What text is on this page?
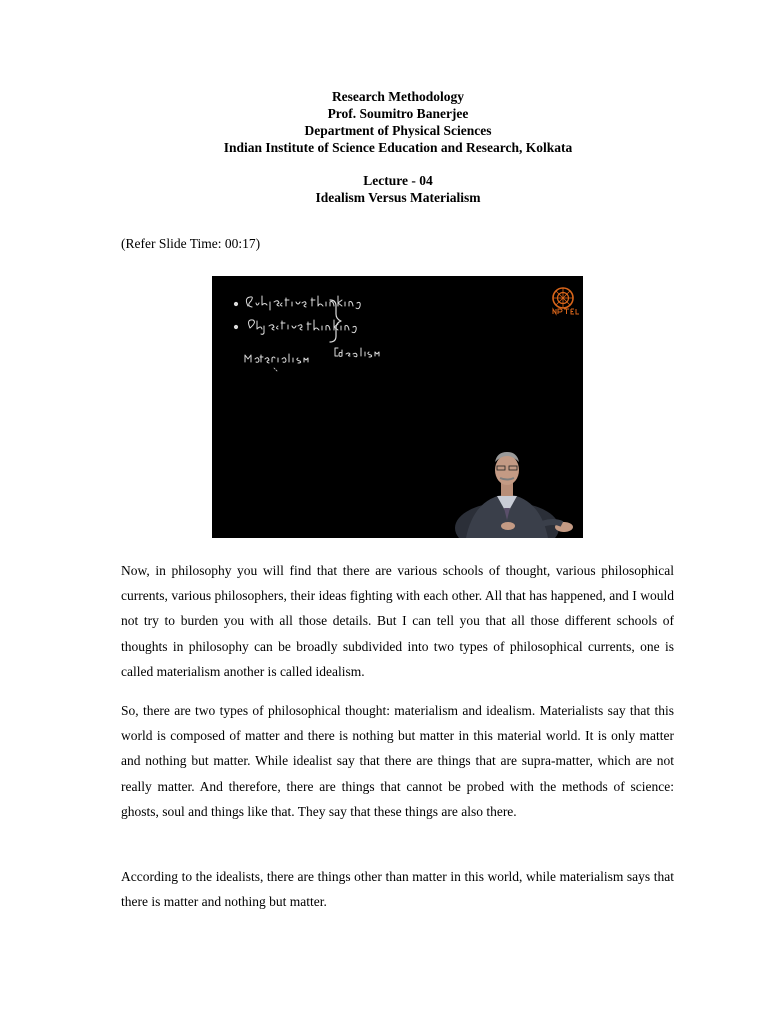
Research Methodology
Prof. Soumitro Banerjee
Department of Physical Sciences
Indian Institute of Science Education and Research, Kolkata
Lecture - 04
Idealism Versus Materialism
(Refer Slide Time: 00:17)

Now, in philosophy you will find that there are various schools of thought, various philosophical currents, various philosophers, their ideas fighting with each other. All that has happened, and I would not try to burden you with all those details. But I can tell you that all those different schools of thoughts in philosophy can be broadly subdivided into two types of philosophical currents, one is called materialism another is called idealism.

So, there are two types of philosophical thought: materialism and idealism. Materialists say that this world is composed of matter and there is nothing but matter in this material world. It is only matter and nothing but matter. While idealist say that there are things that are supra-matter, which are not really matter. And therefore, there are things that cannot be probed with the methods of science: ghosts, soul and things like that. They say that these things are also there.

According to the idealists, there are things other than matter in this world, while materialism says that there is matter and nothing but matter.
